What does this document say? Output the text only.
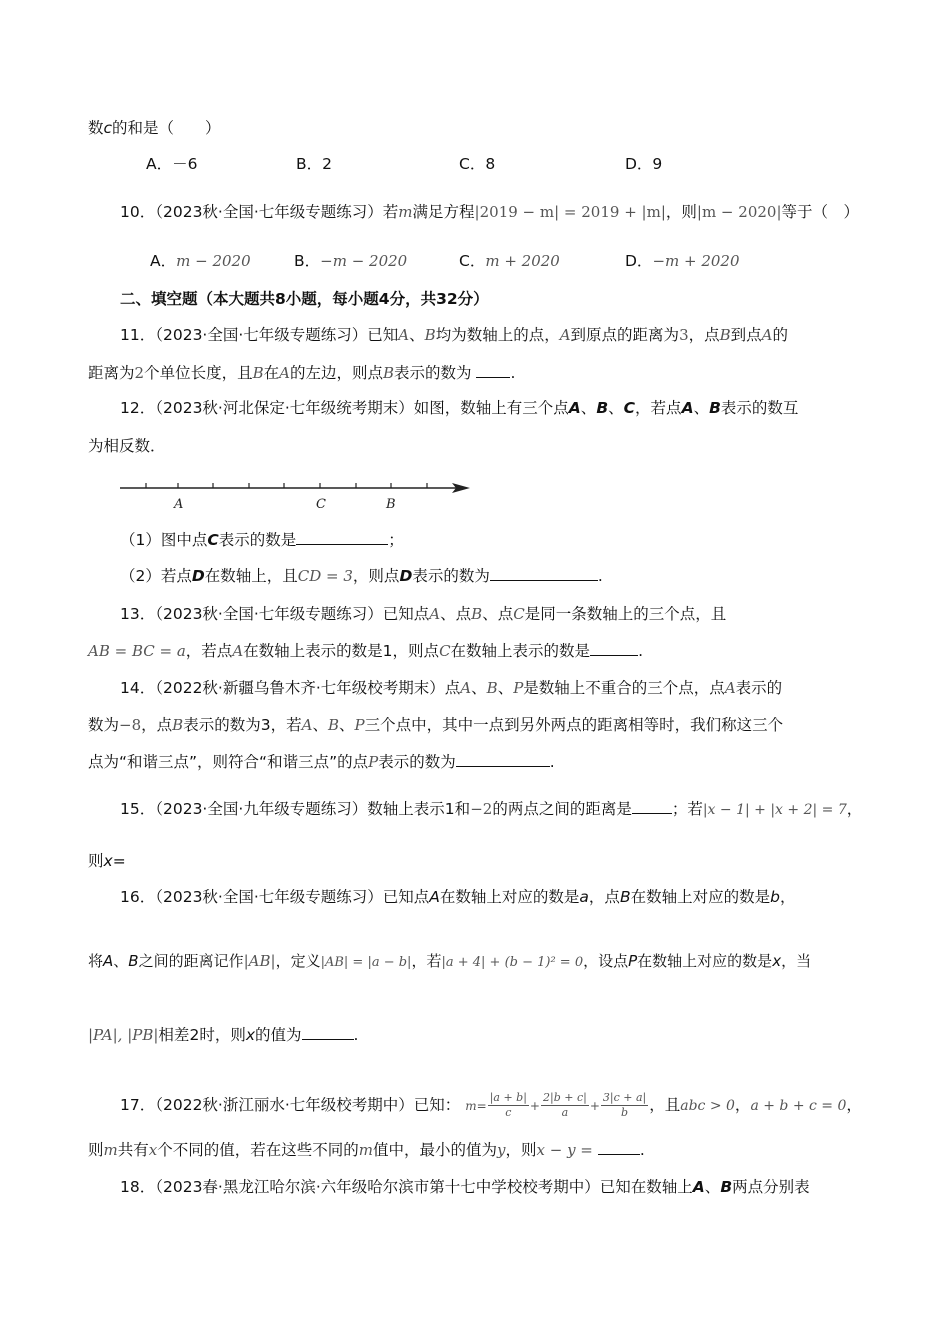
数c的和是（　　）
A．－6	B．2	C．8	D．9
10．（2023秋·全国·七年级专题练习）若m满足方程|2019 − m| = 2019 + |m|，则|m − 2020|等于（　）
A．m − 2020	B．−m − 2020	C．m + 2020	D．−m + 2020
二、填空题（本大题共8小题，每小题4分，共32分）
11．（2023·全国·七年级专题练习）已知A、B均为数轴上的点，A到原点的距离为3，点B到点A的
距离为2个单位长度，且B在A的左边，则点B表示的数为	.
12．（2023秋·河北保定·七年级统考期末）如图，数轴上有三个点A、B、C，若点A、B表示的数互
为相反数．
A	C	B
（1）图中点C表示的数是	；
（2）若点D在数轴上，且CD = 3，则点D表示的数为	.
13．（2023秋·全国·七年级专题练习）已知点A、点B、点C是同一条数轴上的三个点，且
AB = BC = a，若点A在数轴上表示的数是1，则点C在数轴上表示的数是	.
14．（2022秋·新疆乌鲁木齐·七年级校考期末）点A、B、P是数轴上不重合的三个点，点A表示的
数为−8，点B表示的数为3，若A、B、P三个点中，其中一点到另外两点的距离相等时，我们称这三个
点为“和谐三点”，则符合“和谐三点”的点P表示的数为	.
15．（2023·全国·九年级专题练习）数轴上表示1和−2的两点之间的距离是	；若|x − 1| + |x + 2| = 7，
则x=
16．（2023秋·全国·七年级专题练习）已知点A在数轴上对应的数是a，点B在数轴上对应的数是b，
将A、B之间的距离记作|AB|，定义|AB| = |a − b|，若|a + 4| + (b − 1)² = 0，设点P在数轴上对应的数是x，当
|PA|, |PB|相差2时，则x的值为	.
17．（2022秋·浙江丽水·七年级校考期中）已知： $m= \frac{|a + b|}{c} + \frac{2|b + c|}{a} + \frac{3|c + a|}{b}$ ，且abc > 0，a + b + c = 0，
则m共有x个不同的值，若在这些不同的m值中，最小的值为y，则x − y =	.
18．（2023春·黑龙江哈尔滨·六年级哈尔滨市第十七中学校校考期中）已知在数轴上A、B两点分别表
